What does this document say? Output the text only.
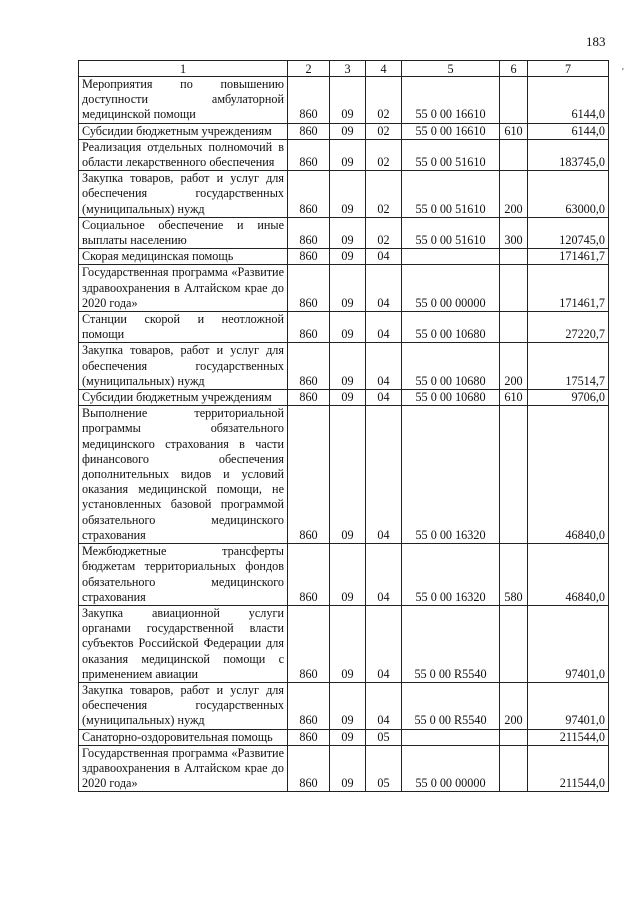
183
'
1	2	3	4	5	6	7
Мероприятия по повышению доступности амбулаторной медицинской помощи	860	09	02	55 0 00 16610		6144,0
Субсидии бюджетным учреждениям	860	09	02	55 0 00 16610	610	6144,0
Реализация отдельных полномочий в области лекарственного обеспечения	860	09	02	55 0 00 51610		183745,0
Закупка товаров, работ и услуг для обеспечения государственных (муниципальных) нужд	860	09	02	55 0 00 51610	200	63000,0
Социальное обеспечение и иные выплаты населению	860	09	02	55 0 00 51610	300	120745,0
Скорая медицинская помощь	860	09	04			171461,7
Государственная программа «Развитие здравоохранения в Алтайском крае до 2020 года»	860	09	04	55 0 00 00000		171461,7
Станции скорой и неотложной помощи	860	09	04	55 0 00 10680		27220,7
Закупка товаров, работ и услуг для обеспечения государственных (муниципальных) нужд	860	09	04	55 0 00 10680	200	17514,7
Субсидии бюджетным учреждениям	860	09	04	55 0 00 10680	610	9706,0
Выполнение территориальной программы обязательного медицинского страхования в части финансового обеспечения дополнительных видов и условий оказания медицинской помощи, не установленных базовой программой обязательного медицинского страхования	860	09	04	55 0 00 16320		46840,0
Межбюджетные трансферты бюджетам территориальных фондов обязательного медицинского страхования	860	09	04	55 0 00 16320	580	46840,0
Закупка авиационной услуги органами государственной власти субъектов Российской Федерации для оказания медицинской помощи с применением авиации	860	09	04	55 0 00 R5540		97401,0
Закупка товаров, работ и услуг для обеспечения государственных (муниципальных) нужд	860	09	04	55 0 00 R5540	200	97401,0
Санаторно-оздоровительная помощь	860	09	05			211544,0
Государственная программа «Развитие здравоохранения в Алтайском крае до 2020 года»	860	09	05	55 0 00 00000		211544,0
